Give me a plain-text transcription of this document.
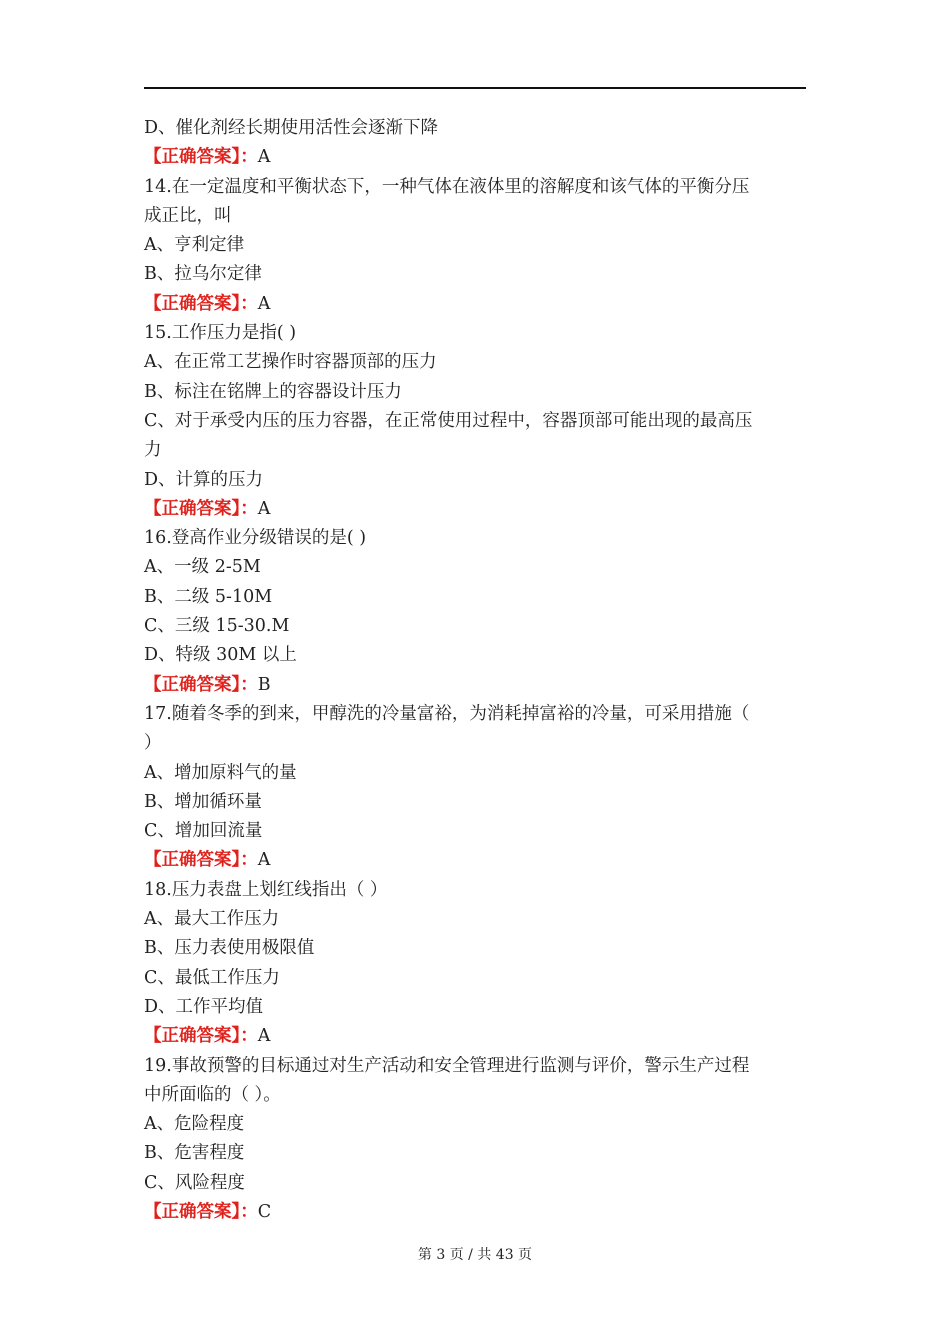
D、催化剂经长期使用活性会逐渐下降
【正确答案】：A
14.在一定温度和平衡状态下，一种气体在液体里的溶解度和该气体的平衡分压
成正比，叫
A、亨利定律
B、拉乌尔定律
【正确答案】：A
15.工作压力是指( )
A、在正常工艺操作时容器顶部的压力
B、标注在铭牌上的容器设计压力
C、对于承受内压的压力容器，在正常使用过程中，容器顶部可能出现的最高压
力
D、计算的压力
【正确答案】：A
16.登高作业分级错误的是( )
A、一级 2-5M
B、二级 5-10M
C、三级 15-30.M
D、特级 30M 以上
【正确答案】：B
17.随着冬季的到来，甲醇洗的冷量富裕，为消耗掉富裕的冷量，可采用措施（
）
A、增加原料气的量
B、增加循环量
C、增加回流量
【正确答案】：A
18.压力表盘上划红线指出（ ）
A、最大工作压力
B、压力表使用极限值
C、最低工作压力
D、工作平均值
【正确答案】：A
19.事故预警的目标通过对生产活动和安全管理进行监测与评价，警示生产过程
中所面临的（ ）。
A、危险程度
B、危害程度
C、风险程度
【正确答案】：C
第 3 页 / 共 43 页
